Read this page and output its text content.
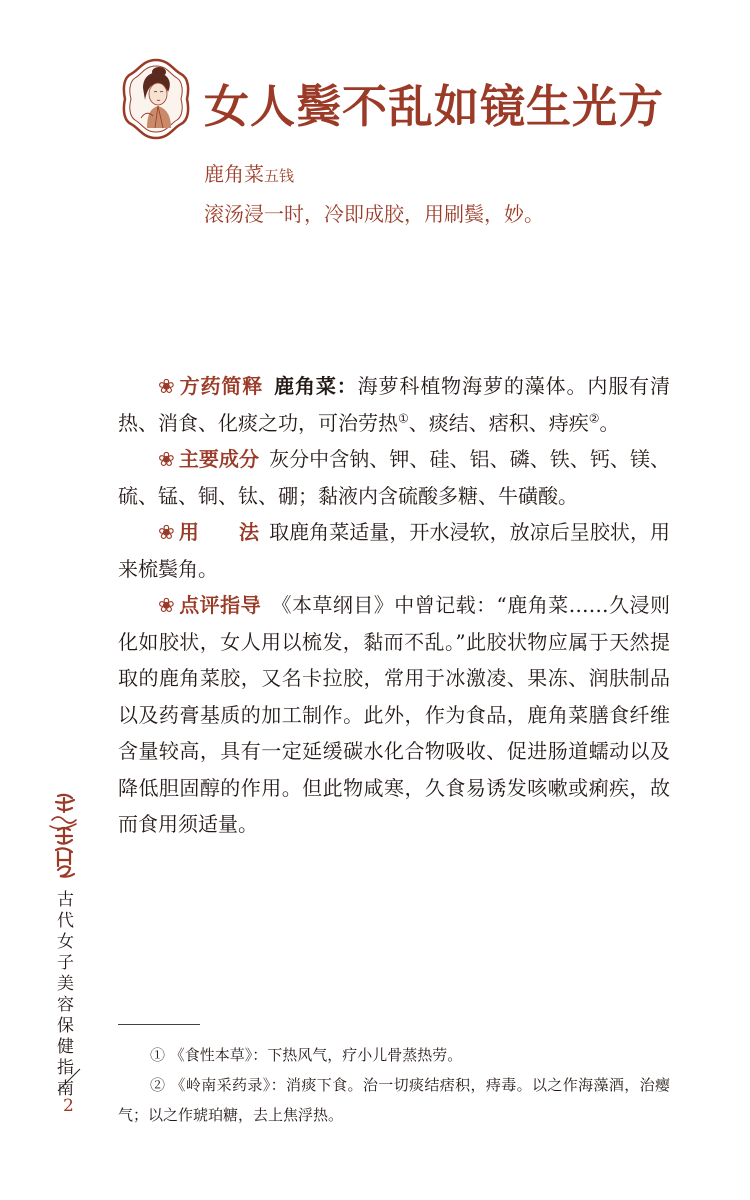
女人鬓不乱如镜生光方
鹿角菜五钱
滚汤浸一时，冷即成胶，用刷鬓，妙。

❀ 方药简释  鹿角菜：海萝科植物海萝的藻体。内服有清热、消食、化痰之功，可治劳热①、痰结、痞积、痔疾②。

❀ 主要成分  灰分中含钠、钾、硅、铝、磷、铁、钙、镁、硫、锰、铜、钛、硼；黏液内含硫酸多糖、牛磺酸。

❀ 用　　法  取鹿角菜适量，开水浸软，放凉后呈胶状，用来梳鬓角。

❀ 点评指导  《本草纲目》中曾记载：“鹿角菜……久浸则化如胶状，女人用以梳发，黏而不乱。”此胶状物应属于天然提取的鹿角菜胶，又名卡拉胶，常用于冰激凌、果冻、润肤制品以及药膏基质的加工制作。此外，作为食品，鹿角菜膳食纤维含量较高，具有一定延缓碳水化合物吸收、促进肠道蠕动以及降低胆固醇的作用。但此物咸寒，久食易诱发咳嗽或痢疾，故而食用须适量。

① 《食性本草》：下热风气，疗小儿骨蒸热劳。

② 《岭南采药录》：消痰下食。治一切痰结痞积，痔毒。以之作海藻酒，治瘿气；以之作琥珀糖，去上焦浮热。

古代女子美容保健指南
2
